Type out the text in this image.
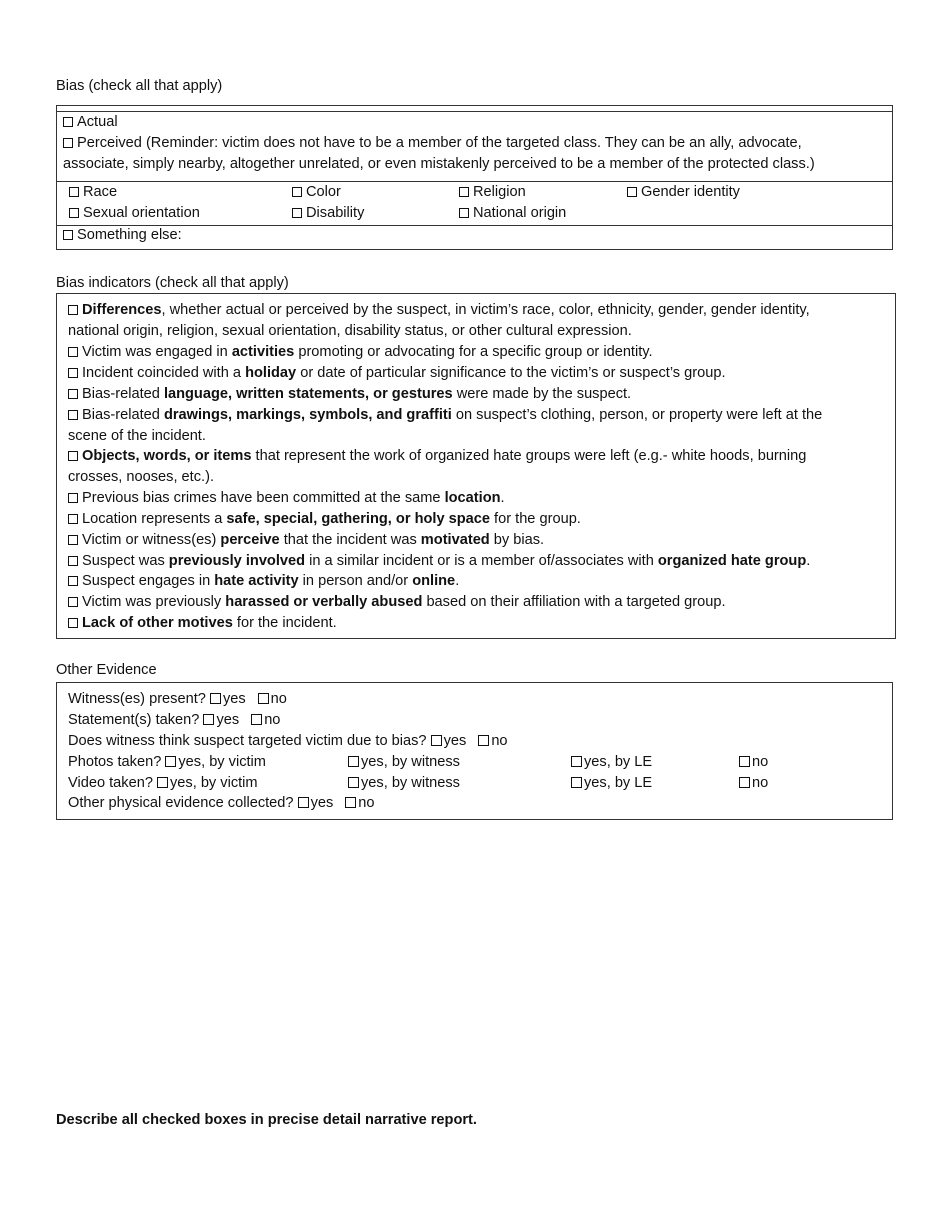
Bias (check all that apply)
Actual
Perceived (Reminder: victim does not have to be a member of the targeted class. They can be an ally, advocate,
associate, simply nearby, altogether unrelated, or even mistakenly perceived to be a member of the protected class.)
Race	Color	Religion	Gender identity
Sexual orientation	Disability	National origin
Something else:
Bias indicators (check all that apply)
Differences, whether actual or perceived by the suspect, in victim’s race, color, ethnicity, gender, gender identity,
national origin, religion, sexual orientation, disability status, or other cultural expression.
Victim was engaged in activities promoting or advocating for a specific group or identity.
Incident coincided with a holiday or date of particular significance to the victim’s or suspect’s group.
Bias-related language, written statements, or gestures were made by the suspect.
Bias-related drawings, markings, symbols, and graffiti on suspect’s clothing, person, or property were left at the
scene of the incident.
Objects, words, or items that represent the work of organized hate groups were left (e.g.- white hoods, burning
crosses, nooses, etc.).
Previous bias crimes have been committed at the same location.
Location represents a safe, special, gathering, or holy space for the group.
Victim or witness(es) perceive that the incident was motivated by bias.
Suspect was previously involved in a similar incident or is a member of/associates with organized hate group.
Suspect engages in hate activity in person and/or online.
Victim was previously harassed or verbally abused based on their affiliation with a targeted group.
Lack of other motives for the incident.
Other Evidence
Witness(es) present? yes no
Statement(s) taken? yes no
Does witness think suspect targeted victim due to bias? yes no
Photos taken? yes, by victim	yes, by witness	yes, by LE	no
Video taken? yes, by victim	yes, by witness	yes, by LE	no
Other physical evidence collected? yes no
Describe all checked boxes in precise detail narrative report.
